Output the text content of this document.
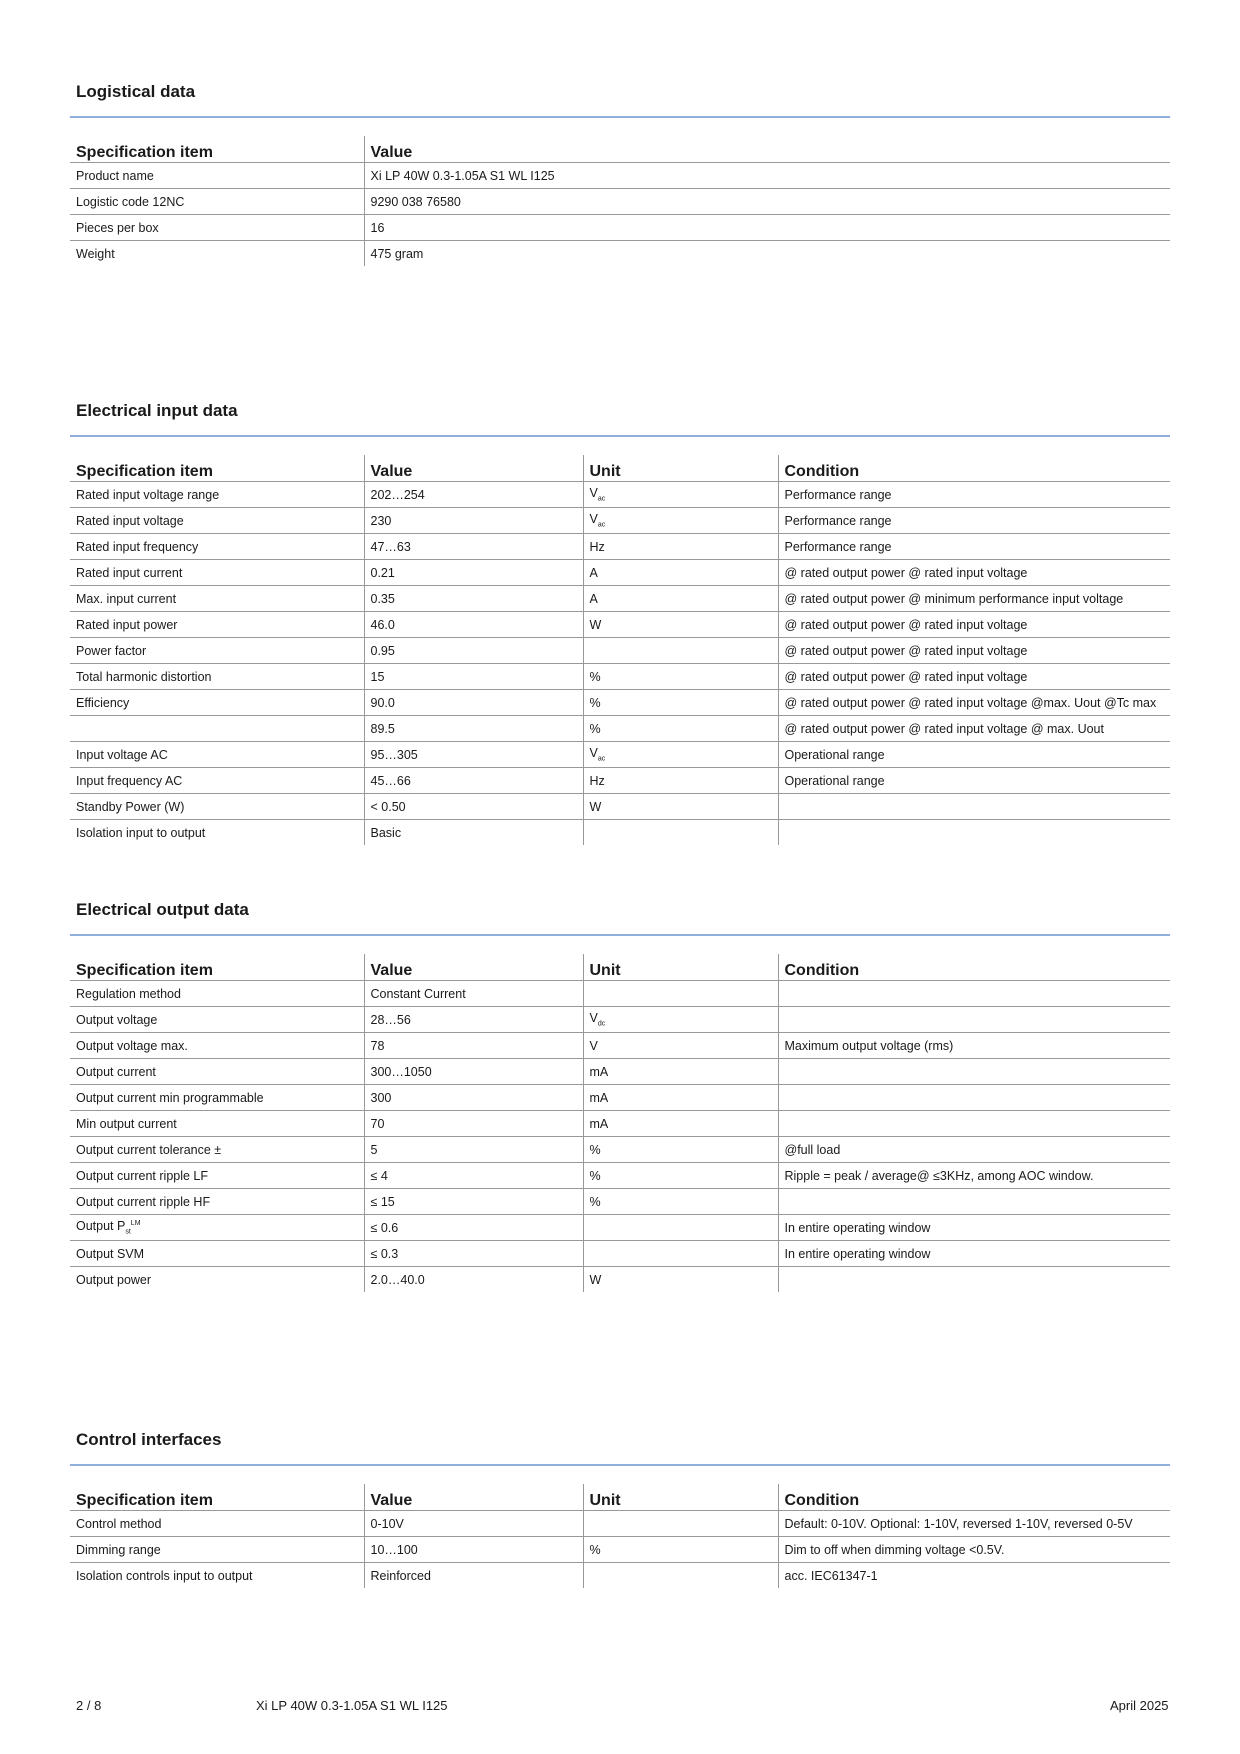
Logistical data
Specification item	Value
Product name	Xi LP 40W 0.3-1.05A S1 WL I125
Logistic code 12NC	9290 038 76580
Pieces per box	16
Weight	475 gram
Electrical input data
Specification item	Value	Unit	Condition
Rated input voltage range	202…254	$V_{ac}$	Performance range
Rated input voltage	230	$V_{ac}$	Performance range
Rated input frequency	47…63	Hz	Performance range
Rated input current	0.21	A	@ rated output power @ rated input voltage
Max. input current	0.35	A	@ rated output power @ minimum performance input voltage
Rated input power	46.0	W	@ rated output power @ rated input voltage
Power factor	0.95		@ rated output power @ rated input voltage
Total harmonic distortion	15	%	@ rated output power @ rated input voltage
Efficiency	90.0	%	@ rated output power @ rated input voltage @max. Uout @Tc max
	89.5	%	@ rated output power @ rated input voltage @ max. Uout
Input voltage AC	95…305	$V_{ac}$	Operational range
Input frequency AC	45…66	Hz	Operational range
Standby Power (W)	< 0.50	W	
Isolation input to output	Basic		
Electrical output data
Specification item	Value	Unit	Condition
Regulation method	Constant Current		
Output voltage	28…56	$V_{dc}$	
Output voltage max.	78	V	Maximum output voltage (rms)
Output current	300…1050	mA	
Output current min programmable	300	mA	
Min output current	70	mA	
Output current tolerance ±	5	%	@full load
Output current ripple LF	≤ 4	%	Ripple = peak / average@ ≤3KHz, among AOC window.
Output current ripple HF	≤ 15	%	
Output $P_{st}^{LM}$	≤ 0.6		In entire operating window
Output SVM	≤ 0.3		In entire operating window
Output power	2.0…40.0	W	
Control interfaces
Specification item	Value	Unit	Condition
Control method	0-10V		Default: 0-10V. Optional: 1-10V, reversed 1-10V, reversed 0-5V
Dimming range	10…100	%	Dim to off when dimming voltage <0.5V.
Isolation controls input to output	Reinforced		acc. IEC61347-1
2 / 8	Xi LP 40W 0.3-1.05A S1 WL I125	April 2025
